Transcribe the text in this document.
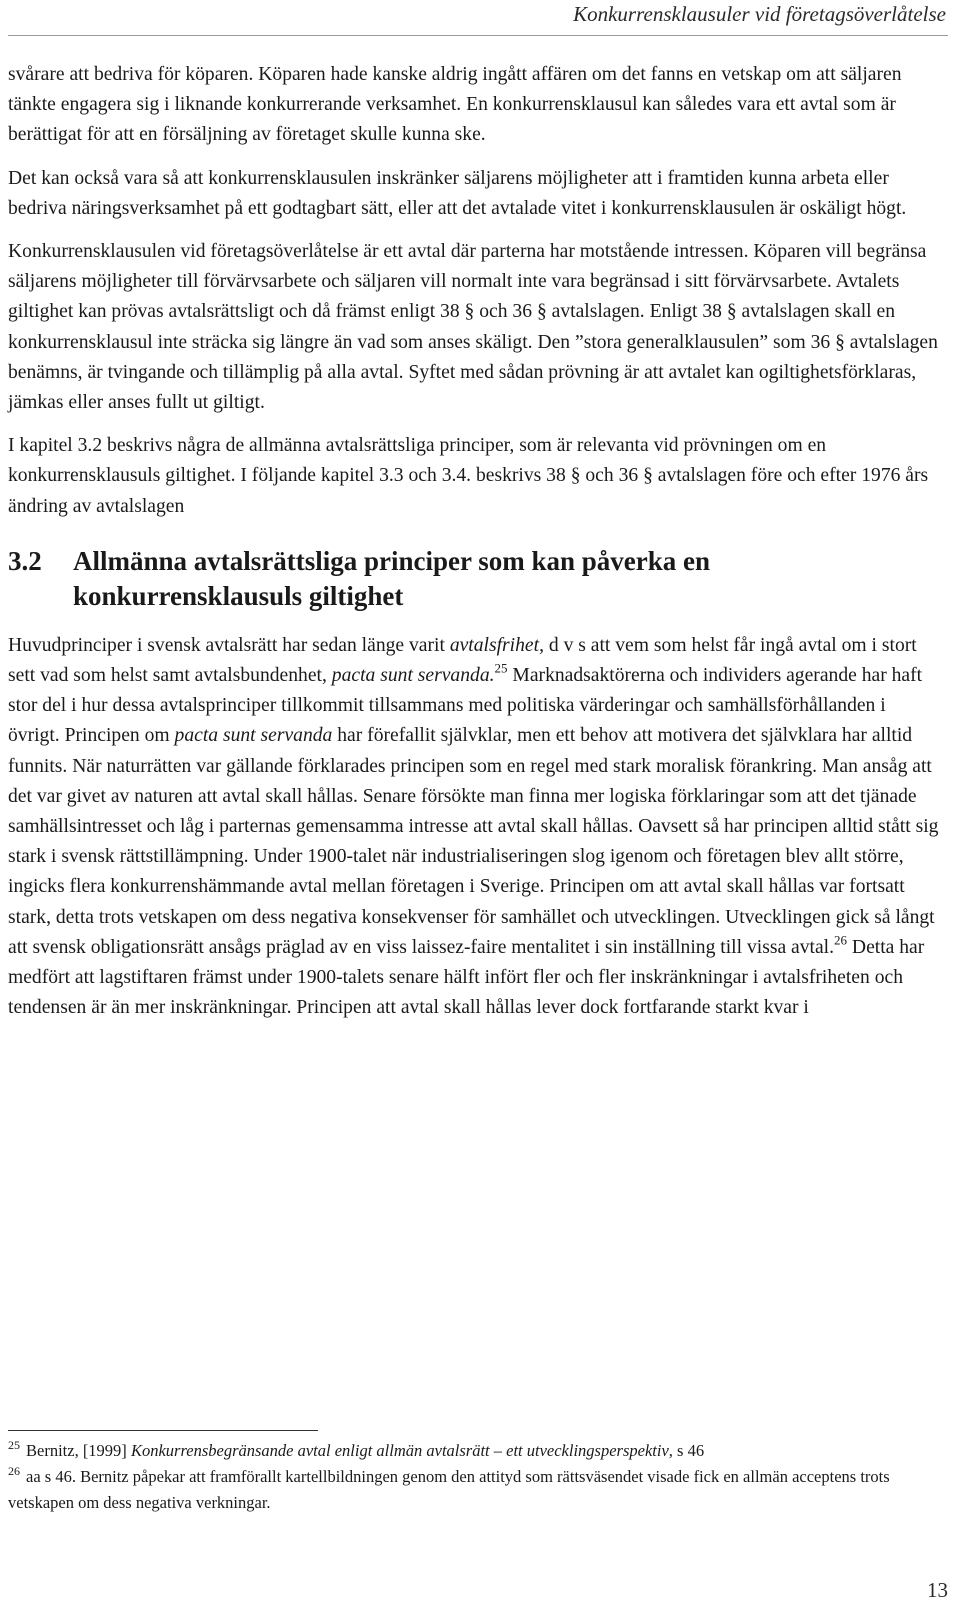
Konkurrensklausuler vid företagsöverlåtelse

svårare att bedriva för köparen. Köparen hade kanske aldrig ingått affären om det fanns en vetskap om att säljaren tänkte engagera sig i liknande konkurrerande verksamhet. En konkurrensklausul kan således vara ett avtal som är berättigat för att en försäljning av företaget skulle kunna ske.

Det kan också vara så att konkurrensklausulen inskränker säljarens möjligheter att i framtiden kunna arbeta eller bedriva näringsverksamhet på ett godtagbart sätt, eller att det avtalade vitet i konkurrensklausulen är oskäligt högt.

Konkurrensklausulen vid företagsöverlåtelse är ett avtal där parterna har motstående intressen. Köparen vill begränsa säljarens möjligheter till förvärvsarbete och säljaren vill normalt inte vara begränsad i sitt förvärvsarbete. Avtalets giltighet kan prövas avtalsrättsligt och då främst enligt 38 § och 36 § avtalslagen. Enligt 38 § avtalslagen skall en konkurrensklausul inte sträcka sig längre än vad som anses skäligt. Den ”stora generalklausulen” som 36 § avtalslagen benämns, är tvingande och tillämplig på alla avtal. Syftet med sådan prövning är att avtalet kan ogiltighetsförklaras, jämkas eller anses fullt ut giltigt.

I kapitel 3.2 beskrivs några de allmänna avtalsrättsliga principer, som är relevanta vid prövningen om en konkurrensklausuls giltighet. I följande kapitel 3.3 och 3.4. beskrivs 38 § och 36 § avtalslagen före och efter 1976 års ändring av avtalslagen

3.2	Allmänna avtalsrättsliga principer som kan påverka en konkurrensklausuls giltighet

Huvudprinciper i svensk avtalsrätt har sedan länge varit avtalsfrihet, d v s att vem som helst får ingå avtal om i stort sett vad som helst samt avtalsbundenhet, pacta sunt servanda.$^{25}$ Marknadsaktörerna och individers agerande har haft stor del i hur dessa avtalsprinciper tillkommit tillsammans med politiska värderingar och samhällsförhållanden i övrigt. Principen om pacta sunt servanda har förefallit självklar, men ett behov att motivera det självklara har alltid funnits. När naturrätten var gällande förklarades principen som en regel med stark moralisk förankring. Man ansåg att det var givet av naturen att avtal skall hållas. Senare försökte man finna mer logiska förklaringar som att det tjänade samhällsintresset och låg i parternas gemensamma intresse att avtal skall hållas. Oavsett så har principen alltid stått sig stark i svensk rättstillämpning. Under 1900-talet när industrialiseringen slog igenom och företagen blev allt större, ingicks flera konkurrenshämmande avtal mellan företagen i Sverige. Principen om att avtal skall hållas var fortsatt stark, detta trots vetskapen om dess negativa konsekvenser för samhället och utvecklingen. Utvecklingen gick så långt att svensk obligationsrätt ansågs präglad av en viss laissez-faire mentalitet i sin inställning till vissa avtal.$^{26}$ Detta har medfört att lagstiftaren främst under 1900-talets senare hälft infört fler och fler inskränkningar i avtalsfriheten och tendensen är än mer inskränkningar. Principen att avtal skall hållas lever dock fortfarande starkt kvar i

$^{25}$ Bernitz, [1999] Konkurrensbegränsande avtal enligt allmän avtalsrätt – ett utvecklingsperspektiv, s 46

$^{26}$ aa s 46. Bernitz påpekar att framförallt kartellbildningen genom den attityd som rättsväsendet visade fick en allmän acceptens trots vetskapen om dess negativa verkningar.

13
